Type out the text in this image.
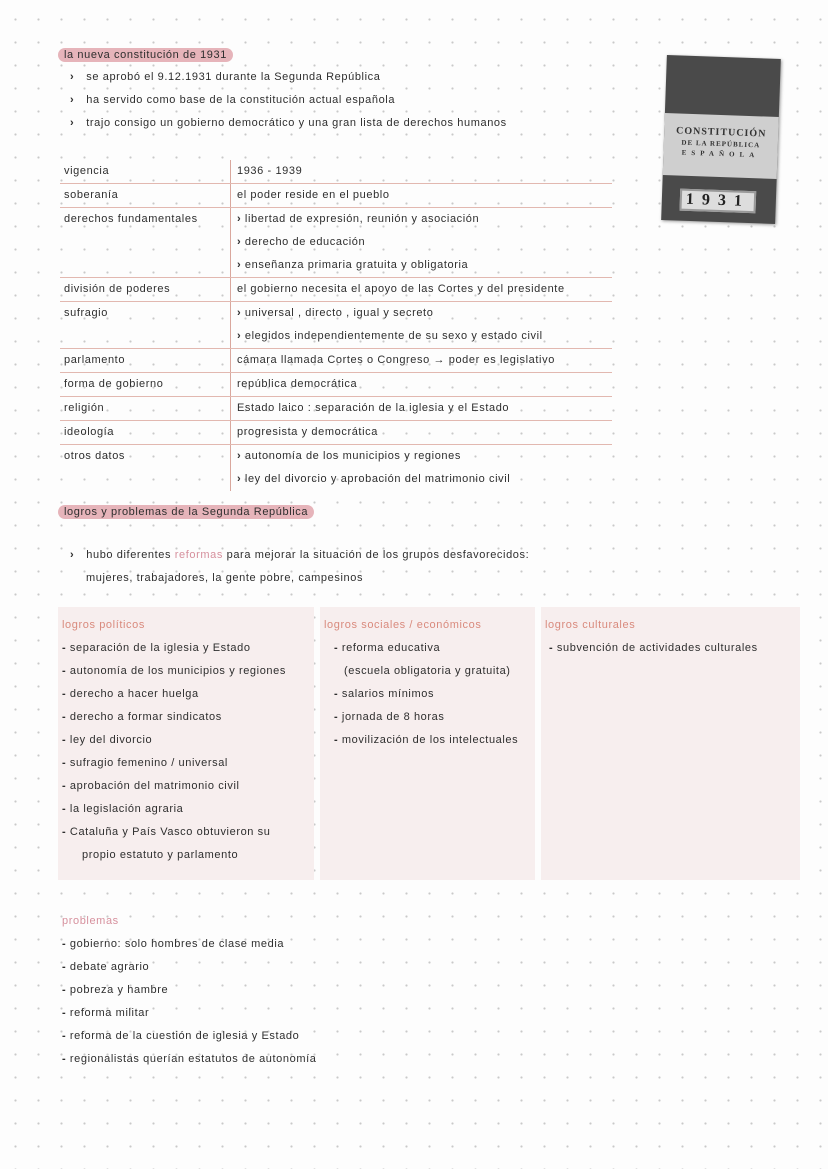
la nueva constitución de 1931
› se aprobó el 9.12.1931 durante la Segunda República
› ha servido como base de la constitución actual española
› trajo consigo un gobierno democrático y una gran lista de derechos humanos
CONSTITUCIÓN
DE LA REPÚBLICA
ESPAÑOLA
1931
vigencia	1936 - 1939
soberanía	el poder reside en el pueblo
derechos fundamentales	› libertad de expresión, reunión y asociación
› derecho de educación
› enseñanza primaria gratuita y obligatoria
división de poderes	el gobierno necesita el apoyo de las Cortes y del presidente
sufragio	› universal , directo , igual y secreto
› elegidos independientemente de su sexo y estado civil
parlamento	cámara llamada Cortes o Congreso → poder es legislativo
forma de gobierno	república democrática
religión	Estado laico : separación de la iglesia y el Estado
ideología	progresista y democrática
otros datos	› autonomía de los municipios y regiones
› ley del divorcio y aprobación del matrimonio civil
logros y problemas de la Segunda República
› hubo diferentes reformas para mejorar la situación de los grupos desfavorecidos:
mujeres, trabajadores, la gente pobre, campesinos
logros políticos
- separación de la iglesia y Estado
- autonomía de los municipios y regiones
- derecho a hacer huelga
- derecho a formar sindicatos
- ley del divorcio
- sufragio femenino / universal
- aprobación del matrimonio civil
- la legislación agraria
- Cataluña y País Vasco obtuvieron su
propio estatuto y parlamento
logros sociales / económicos
- reforma educativa
(escuela obligatoria y gratuita)
- salarios mínimos
- jornada de 8 horas
- movilización de los intelectuales
logros culturales
- subvención de actividades culturales
problemas
- gobierno: solo hombres de clase media
- debate agrario
- pobreza y hambre
- reforma militar
- reforma de la cuestión de iglesia y Estado
- regionalistas querían estatutos de autonomía
